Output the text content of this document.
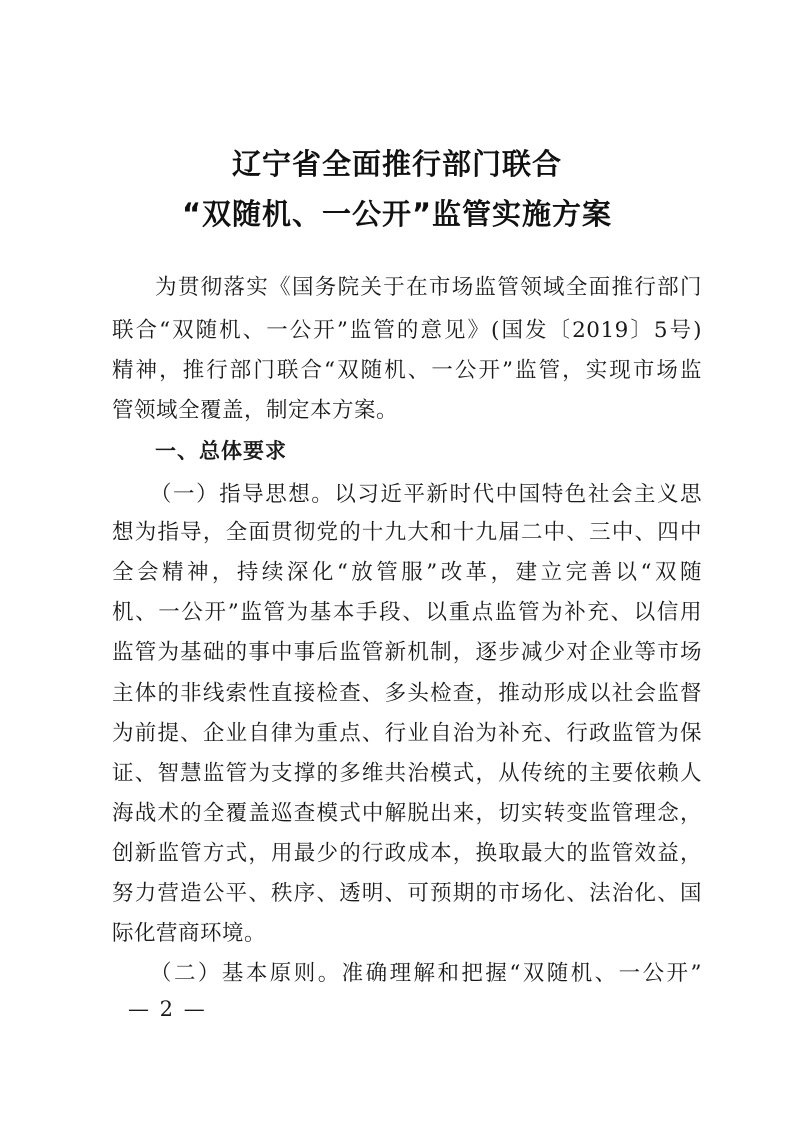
辽宁省全面推行部门联合
“双随机、一公开”监管实施方案
为贯彻落实《国务院关于在市场监管领域全面推行部门
联合“双随机、一公开”监管的意见》(国发〔2019〕5号)
精神，推行部门联合“双随机、一公开”监管，实现市场监
管领域全覆盖，制定本方案。
一、总体要求
（一）指导思想。以习近平新时代中国特色社会主义思
想为指导，全面贯彻党的十九大和十九届二中、三中、四中
全会精神，持续深化“放管服”改革，建立完善以“双随
机、一公开”监管为基本手段、以重点监管为补充、以信用
监管为基础的事中事后监管新机制，逐步减少对企业等市场
主体的非线索性直接检查、多头检查，推动形成以社会监督
为前提、企业自律为重点、行业自治为补充、行政监管为保
证、智慧监管为支撑的多维共治模式，从传统的主要依赖人
海战术的全覆盖巡查模式中解脱出来，切实转变监管理念，
创新监管方式，用最少的行政成本，换取最大的监管效益，
努力营造公平、秩序、透明、可预期的市场化、法治化、国
际化营商环境。
（二）基本原则。准确理解和把握“双随机、一公开”
— 2 —
